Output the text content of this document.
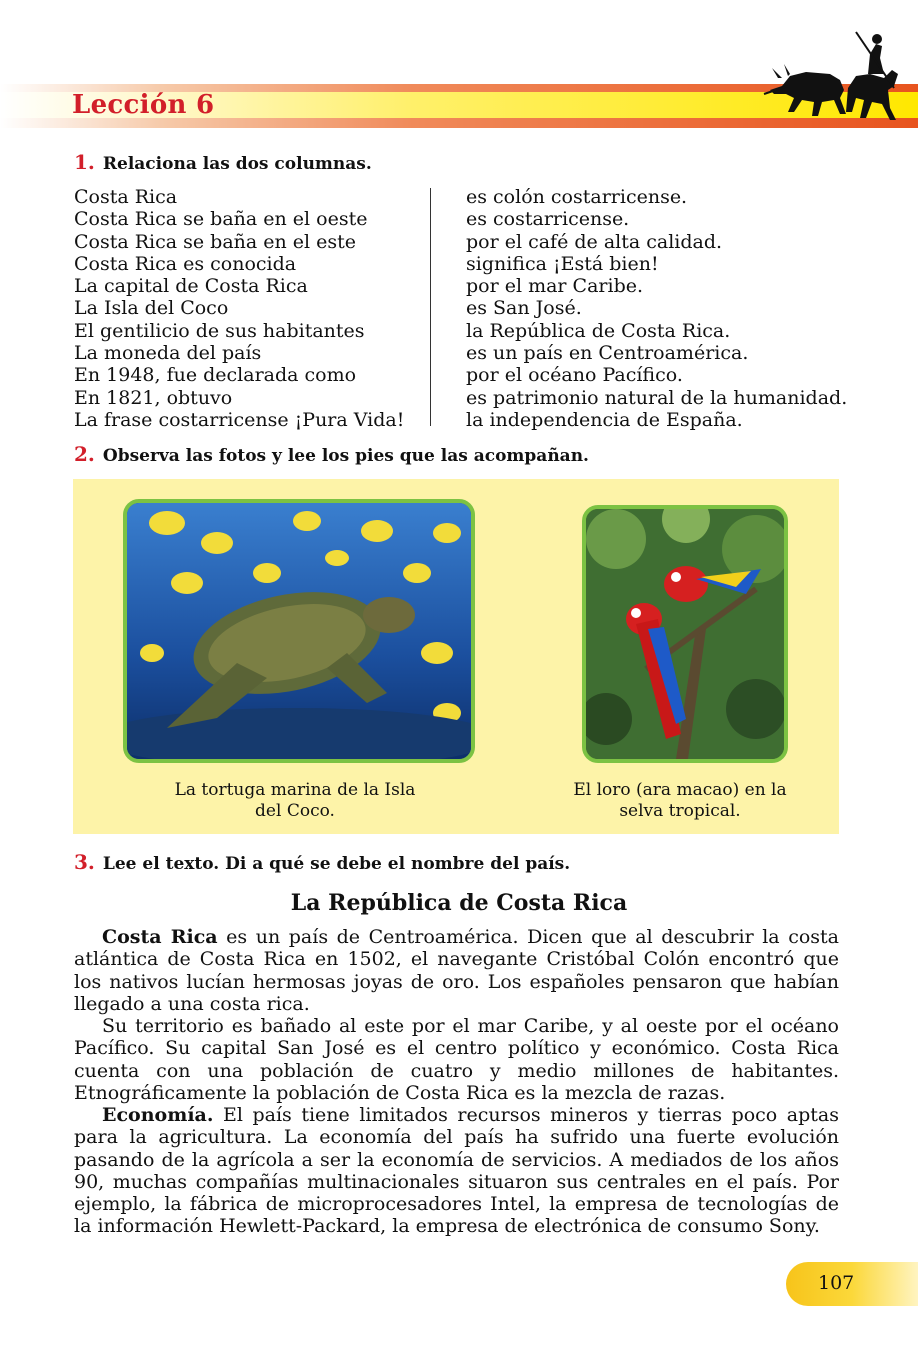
Lección 6
1. Relaciona las dos columnas.
Costa Rica
Costa Rica se baña en el oeste
Costa Rica se baña en el este
Costa Rica es conocida
La capital de Costa Rica
La Isla del Coco
El gentilicio de sus habitantes
La moneda del país
En 1948, fue declarada como
En 1821, obtuvo
La frase costarricense ¡Pura Vida!
es colón costarricense.
es costarricense.
por el café de alta calidad.
significa ¡Está bien!
por el mar Caribe.
es San José.
la República de Costa Rica.
es un país en Centroamérica.
por el océano Pacífico.
es patrimonio natural de la humanidad.
la independencia de España.
2. Observa las fotos y lee los pies que las acompañan.
La tortuga marina de la Isla
del Coco.
El loro (ara macao) en la
selva tropical.
3. Lee el texto. Di a qué se debe el nombre del país.
La República de Costa Rica
Costa Rica es un país de Centroamérica. Dicen que al descubrir la costa atlántica de Costa Rica en 1502, el navegante Cristóbal Colón encontró que los nativos lucían hermosas joyas de oro. Los españoles pensaron que habían llegado a una costa rica.
Su territorio es bañado al este por el mar Caribe, y al oeste por el océano Pacífico. Su capital San José es el centro político y económico. Costa Rica cuenta con una población de cuatro y medio millones de habitantes. Etnográficamente la población de Costa Rica es la mezcla de razas.
Economía. El país tiene limitados recursos mineros y tierras poco aptas para la agricultura. La economía del país ha sufrido una fuerte evolución pasando de la agrícola a ser la economía de servicios. A mediados de los años 90, muchas compañías multinacionales situaron sus centrales en el país. Por ejemplo, la fábrica de microprocesadores Intel, la empresa de tecnologías de la información Hewlett-Packard, la empresa de electrónica de consumo Sony.
107
